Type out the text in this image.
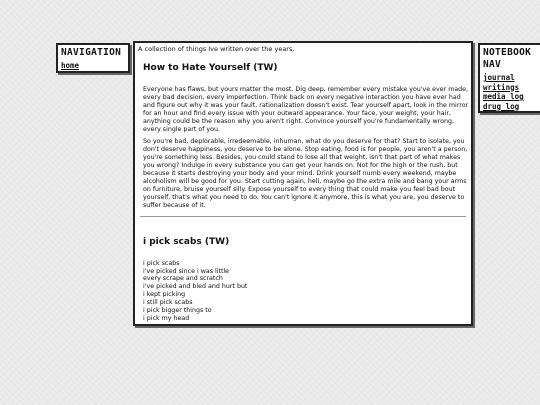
NAVIGATION
home

A collection of things Ive written over the years.

How to Hate Yourself (TW)

Everyone has flaws, but yours matter the most. Dig deep, remember every mistake you've ever made, every bad decision, every imperfection. Think back on every negative interaction you have ever had and figure out why it was your fault, rationalization doesn't exist. Tear yourself apart, look in the mirror for an hour and find every issue with your outward appearance. Your face, your weight, your hair, anything could be the reason why you aren't right. Convince yourself you're fundamentally wrong, every single part of you.

So you're bad, deplorable, irredeemable, inhuman, what do you deserve for that? Start to isolate, you don't deserve happiness, you deserve to be alone. Stop eating, food is for people, you aren't a person, you're something less. Besides, you could stand to lose all that weight, isn't that part of what makes you wrong? Indulge in every substance you can get your hands on. Not for the high or the rush, but because it starts destroying your body and your mind. Drink yourself numb every weekend, maybe alcoholism will be good for you. Start cutting again, hell, maybe go the extra mile and bang your arms on furniture, bruise yourself silly. Expose yourself to every thing that could make you feel bad bout yourself, that's what you need to do. You can't ignore it anymore, this is what you are, you deserve to suffer because of it.

i pick scabs (TW)
i pick scabs
i've picked since i was little
every scrape and scratch
i've picked and bled and hurt but
i kept picking
i still pick scabs
i pick bigger things to
i pick my head
NOTEBOOK
NAV
journal
writings
media log
drug log
